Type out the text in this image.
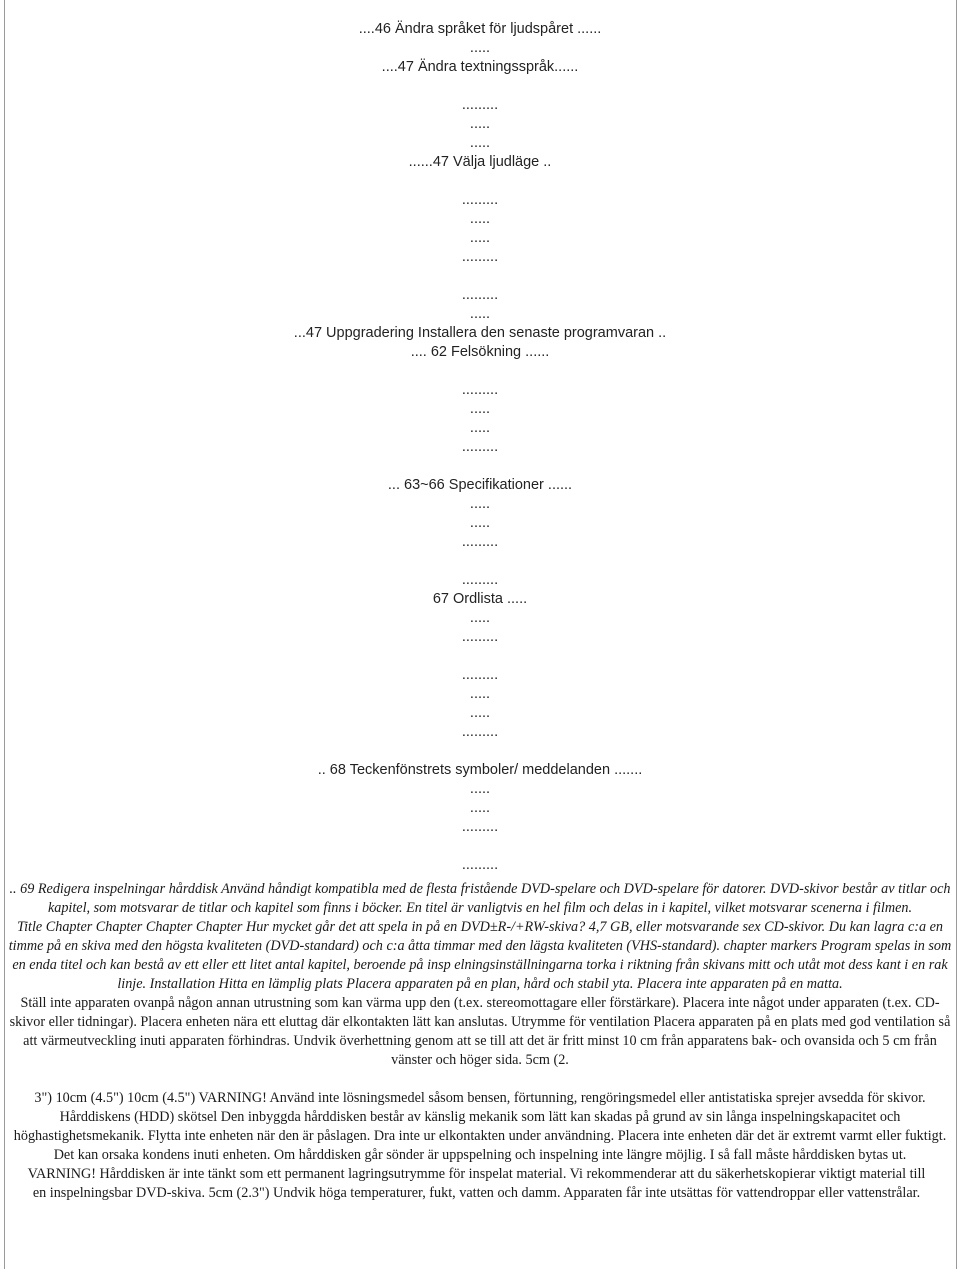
....46 Ändra språket för ljudspåret ......
.....
....47 Ändra textningsspråk......
.........
.....
.....
......47 Välja ljudläge ..
.........
.....
.....
.........
.........
.....
...47 Uppgradering Installera den senaste programvaran ..
.... 62 Felsökning ......
.........
.....
.....
.........
... 63~66 Specifikationer ......
.....
.....
.........
.........
67 Ordlista .....
.....
.........
.........
.....
.....
.........
.. 68 Teckenfönstrets symboler/ meddelanden .......
.....
.....
.........
.........

.. 69 Redigera inspelningar hårddisk Använd håndigt kompatibla med de flesta fristående DVD-spelare och DVD-spelare för datorer. DVD-skivor består av titlar och kapitel, som motsvarar de titlar och kapitel som finns i böcker. En titel är vanligtvis en hel film och delas in i kapitel, vilket motsvarar scenerna i filmen.

Title Chapter Chapter Chapter Chapter Hur mycket går det att spela in på en DVD±R-/+RW-skiva? 4,7 GB, eller motsvarande sex CD-skivor. Du kan lagra c:a en timme på en skiva med den högsta kvaliteten (DVD-standard) och c:a åtta timmar med den lägsta kvaliteten (VHS-standard). chapter markers Program spelas in som en enda titel och kan bestå av ett eller ett litet antal kapitel, beroende på insp elningsinställningarna torka i riktning från skivans mitt och utåt mot dess kant i en rak linje. Installation Hitta en lämplig plats Placera apparaten på en plan, hård och stabil yta. Placera inte apparaten på en matta.

Ställ inte apparaten ovanpå någon annan utrustning som kan värma upp den (t.ex. stereomottagare eller förstärkare). Placera inte något under apparaten (t.ex. CD-skivor eller tidningar). Placera enheten nära ett eluttag där elkontakten lätt kan anslutas. Utrymme för ventilation Placera apparaten på en plats med god ventilation så att värmeutveckling inuti apparaten förhindras. Undvik överhettning genom att se till att det är fritt minst 10 cm från apparatens bak- och ovansida och 5 cm från vänster och höger sida. 5cm (2.

3") 10cm (4.5") 10cm (4.5") VARNING! Använd inte lösningsmedel såsom bensen, förtunning, rengöringsmedel eller antistatiska sprejer avsedda för skivor. Hårddiskens (HDD) skötsel Den inbyggda hårddisken består av känslig mekanik som lätt kan skadas på grund av sin långa inspelningskapacitet och höghastighetsmekanik. Flytta inte enheten när den är påslagen. Dra inte ur elkontakten under användning. Placera inte enheten där det är extremt varmt eller fuktigt. Det kan orsaka kondens inuti enheten. Om hårddisken går sönder är uppspelning och inspelning inte längre möjlig. I så fall måste hårddisken bytas ut.

VARNING! Hårddisken är inte tänkt som ett permanent lagringsutrymme för inspelat material. Vi rekommenderar att du säkerhetskopierar viktigt material till

en inspelningsbar DVD-skiva. 5cm (2.3") Undvik höga temperaturer, fukt, vatten och damm. Apparaten får inte utsättas för vattendroppar eller vattenstrålar.
